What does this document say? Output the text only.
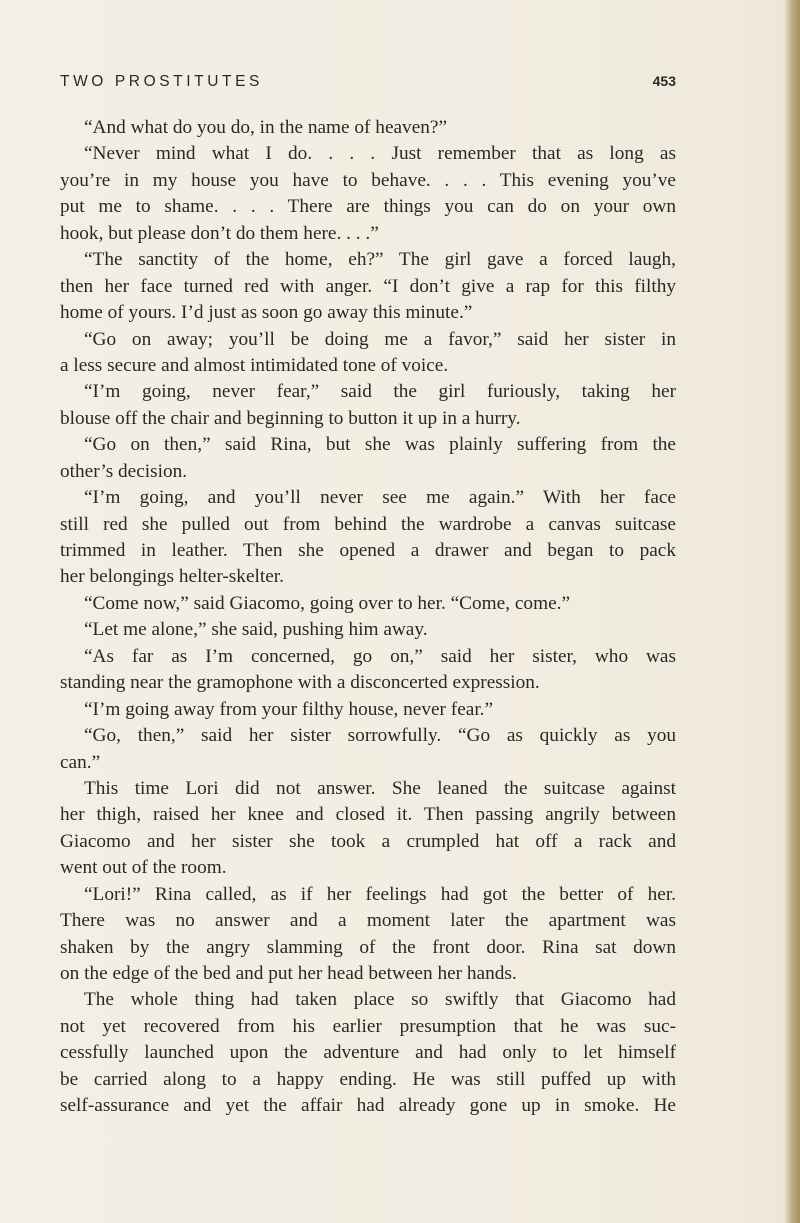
TWO PROSTITUTES	453
“And what do you do, in the name of heaven?”
“Never mind what I do. . . . Just remember that as long as
you’re in my house you have to behave. . . . This evening you’ve
put me to shame. . . . There are things you can do on your own
hook, but please don’t do them here. . . .”
“The sanctity of the home, eh?” The girl gave a forced laugh,
then her face turned red with anger. “I don’t give a rap for this filthy
home of yours. I’d just as soon go away this minute.”
“Go on away; you’ll be doing me a favor,” said her sister in
a less secure and almost intimidated tone of voice.
“I’m going, never fear,” said the girl furiously, taking her
blouse off the chair and beginning to button it up in a hurry.
“Go on then,” said Rina, but she was plainly suffering from the
other’s decision.
“I’m going, and you’ll never see me again.” With her face
still red she pulled out from behind the wardrobe a canvas suitcase
trimmed in leather. Then she opened a drawer and began to pack
her belongings helter-skelter.
“Come now,” said Giacomo, going over to her. “Come, come.”
“Let me alone,” she said, pushing him away.
“As far as I’m concerned, go on,” said her sister, who was
standing near the gramophone with a disconcerted expression.
“I’m going away from your filthy house, never fear.”
“Go, then,” said her sister sorrowfully. “Go as quickly as you
can.”
This time Lori did not answer. She leaned the suitcase against
her thigh, raised her knee and closed it. Then passing angrily between
Giacomo and her sister she took a crumpled hat off a rack and
went out of the room.
“Lori!” Rina called, as if her feelings had got the better of her.
There was no answer and a moment later the apartment was
shaken by the angry slamming of the front door. Rina sat down
on the edge of the bed and put her head between her hands.
The whole thing had taken place so swiftly that Giacomo had
not yet recovered from his earlier presumption that he was suc-
cessfully launched upon the adventure and had only to let himself
be carried along to a happy ending. He was still puffed up with
self-assurance and yet the affair had already gone up in smoke. He
